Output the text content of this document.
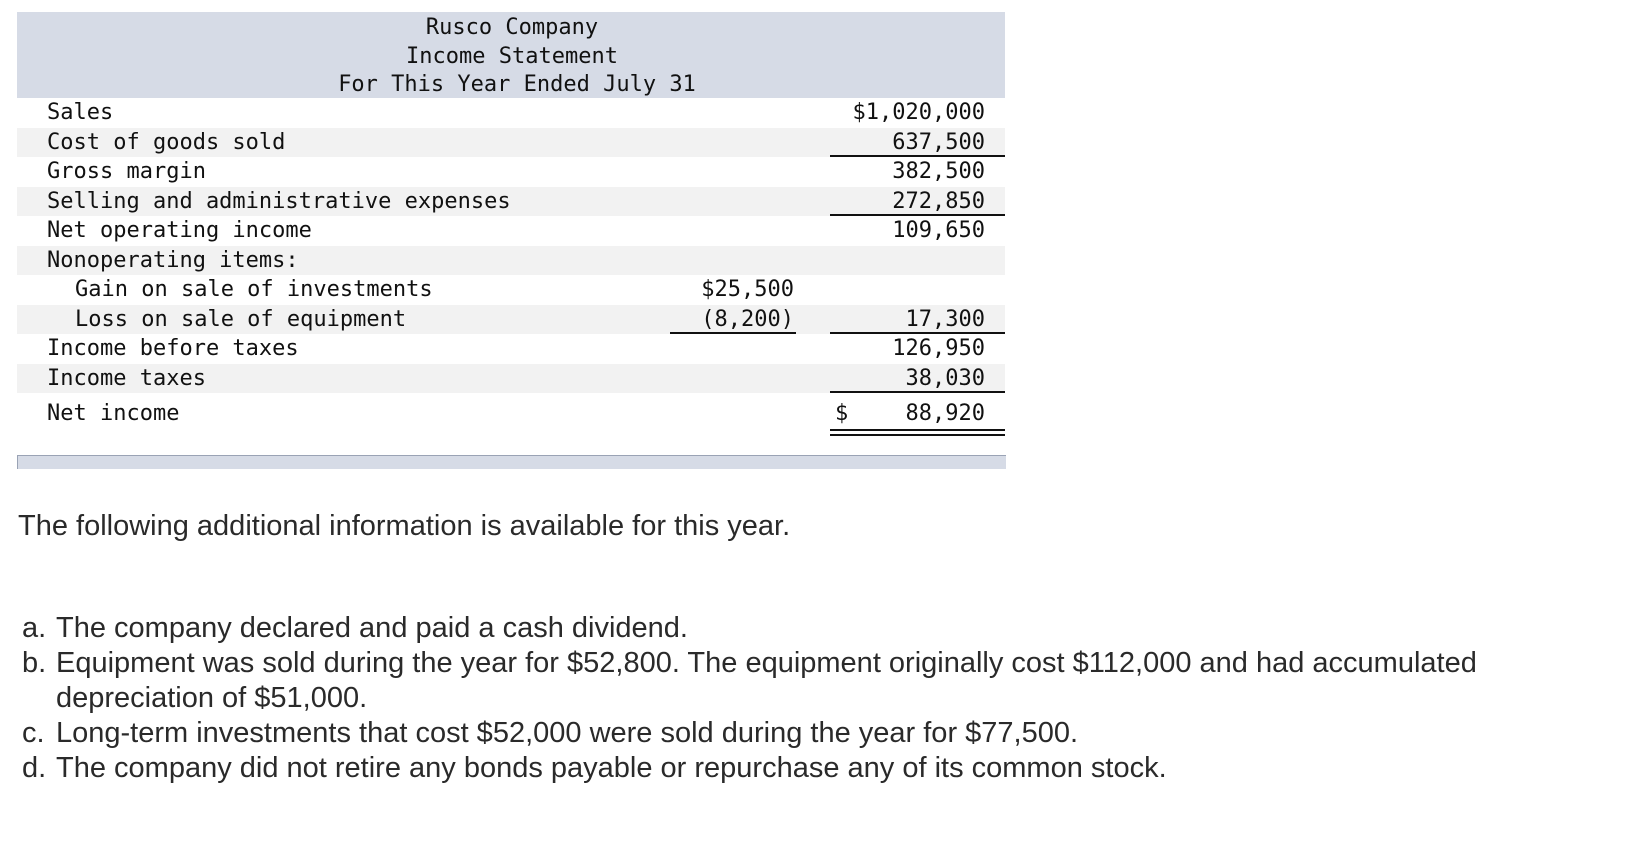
Rusco Company
Income Statement
For This Year Ended July 31
Sales	$1,020,000
Cost of goods sold	637,500
Gross margin	382,500
Selling and administrative expenses	272,850
Net operating income	109,650
Nonoperating items:
Gain on sale of investments	$25,500
Loss on sale of equipment	(8,200)	17,300
Income before taxes	126,950
Income taxes	38,030
Net income	$	88,920
The following additional information is available for this year.
a. The company declared and paid a cash dividend.
b. Equipment was sold during the year for $52,800. The equipment originally cost $112,000 and had accumulated depreciation of $51,000.
c. Long-term investments that cost $52,000 were sold during the year for $77,500.
d. The company did not retire any bonds payable or repurchase any of its common stock.
